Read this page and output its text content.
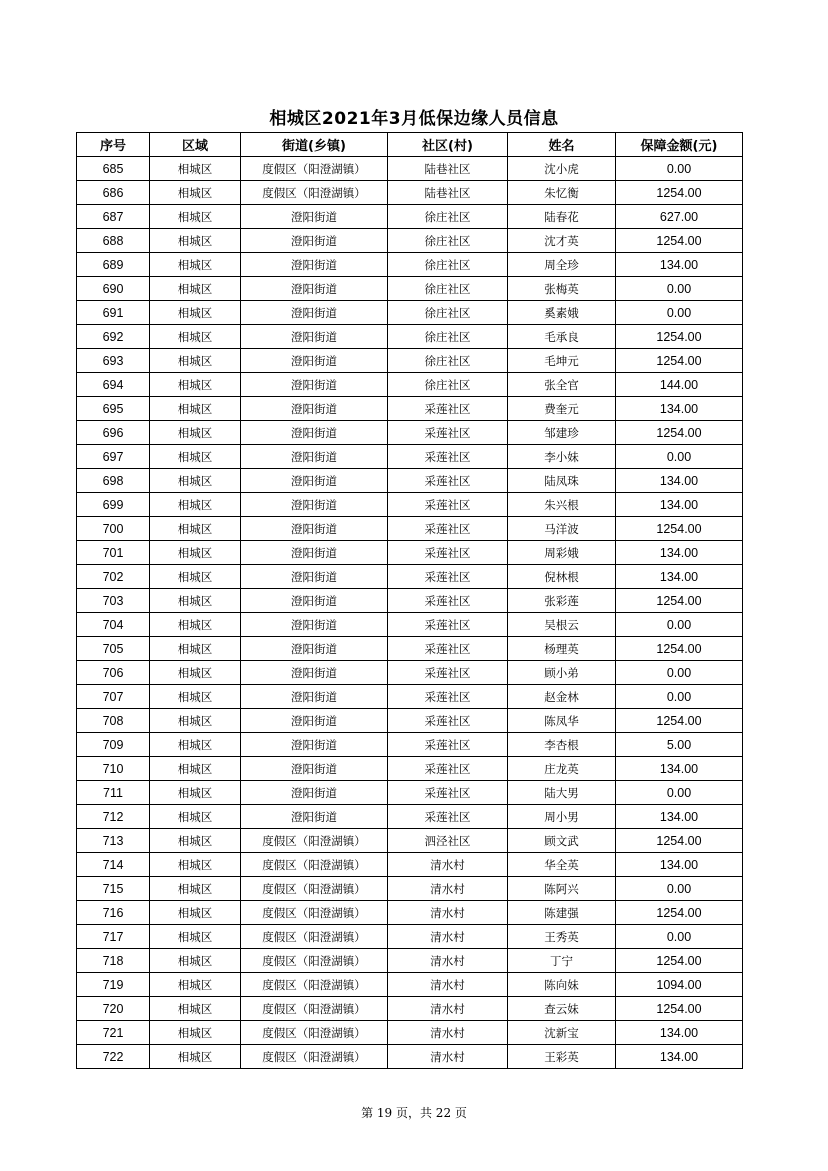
相城区2021年3月低保边缘人员信息
序号	区域	街道(乡镇)	社区(村)	姓名	保障金额(元)
685	相城区	度假区（阳澄湖镇）	陆巷社区	沈小虎	0.00
686	相城区	度假区（阳澄湖镇）	陆巷社区	朱忆衡	1254.00
687	相城区	澄阳街道	徐庄社区	陆春花	627.00
688	相城区	澄阳街道	徐庄社区	沈才英	1254.00
689	相城区	澄阳街道	徐庄社区	周全珍	134.00
690	相城区	澄阳街道	徐庄社区	张梅英	0.00
691	相城区	澄阳街道	徐庄社区	奚素娥	0.00
692	相城区	澄阳街道	徐庄社区	毛承良	1254.00
693	相城区	澄阳街道	徐庄社区	毛坤元	1254.00
694	相城区	澄阳街道	徐庄社区	张全官	144.00
695	相城区	澄阳街道	采莲社区	费奎元	134.00
696	相城区	澄阳街道	采莲社区	邹建珍	1254.00
697	相城区	澄阳街道	采莲社区	李小妹	0.00
698	相城区	澄阳街道	采莲社区	陆凤珠	134.00
699	相城区	澄阳街道	采莲社区	朱兴根	134.00
700	相城区	澄阳街道	采莲社区	马洋波	1254.00
701	相城区	澄阳街道	采莲社区	周彩娥	134.00
702	相城区	澄阳街道	采莲社区	倪林根	134.00
703	相城区	澄阳街道	采莲社区	张彩莲	1254.00
704	相城区	澄阳街道	采莲社区	吴根云	0.00
705	相城区	澄阳街道	采莲社区	杨理英	1254.00
706	相城区	澄阳街道	采莲社区	顾小弟	0.00
707	相城区	澄阳街道	采莲社区	赵金林	0.00
708	相城区	澄阳街道	采莲社区	陈凤华	1254.00
709	相城区	澄阳街道	采莲社区	李杏根	5.00
710	相城区	澄阳街道	采莲社区	庄龙英	134.00
711	相城区	澄阳街道	采莲社区	陆大男	0.00
712	相城区	澄阳街道	采莲社区	周小男	134.00
713	相城区	度假区（阳澄湖镇）	泗泾社区	顾文武	1254.00
714	相城区	度假区（阳澄湖镇）	清水村	华全英	134.00
715	相城区	度假区（阳澄湖镇）	清水村	陈阿兴	0.00
716	相城区	度假区（阳澄湖镇）	清水村	陈建强	1254.00
717	相城区	度假区（阳澄湖镇）	清水村	王秀英	0.00
718	相城区	度假区（阳澄湖镇）	清水村	丁宁	1254.00
719	相城区	度假区（阳澄湖镇）	清水村	陈向妹	1094.00
720	相城区	度假区（阳澄湖镇）	清水村	查云妹	1254.00
721	相城区	度假区（阳澄湖镇）	清水村	沈新宝	134.00
722	相城区	度假区（阳澄湖镇）	清水村	王彩英	134.00
第 19 页，共 22 页
